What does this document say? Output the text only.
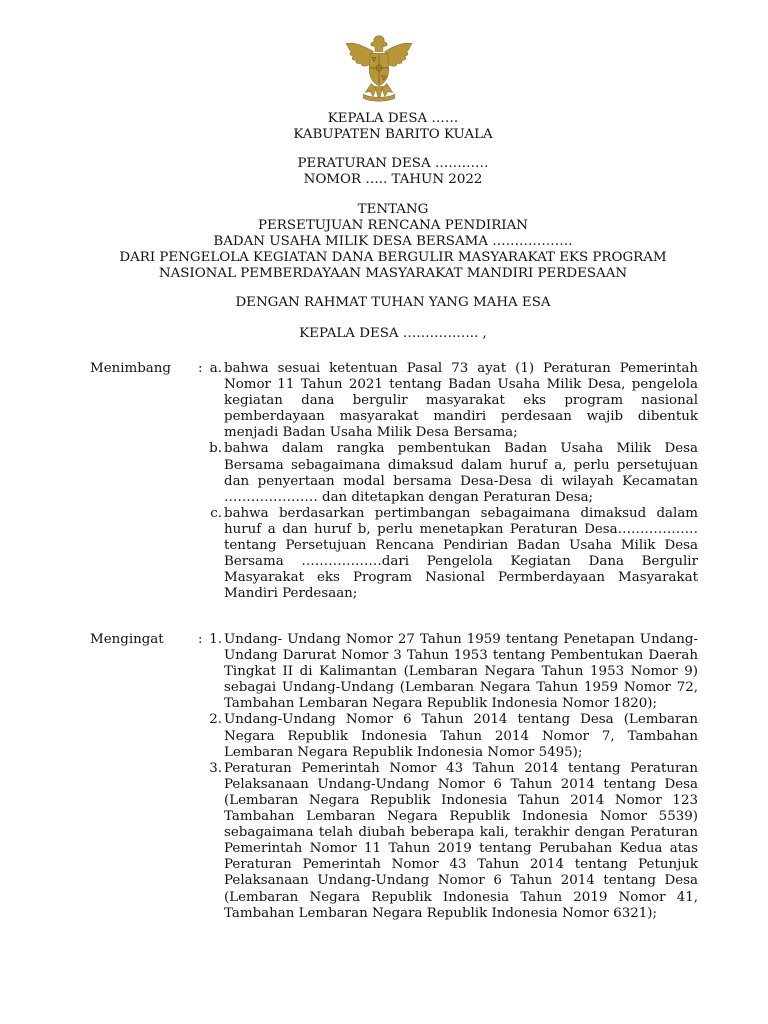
KEPALA DESA ……
KABUPATEN BARITO KUALA
PERATURAN DESA …………
NOMOR ….. TAHUN 2022
TENTANG
PERSETUJUAN RENCANA PENDIRIAN
BADAN USAHA MILIK DESA BERSAMA ………………
DARI PENGELOLA KEGIATAN DANA BERGULIR MASYARAKAT EKS PROGRAM
NASIONAL PEMBERDAYAAN MASYARAKAT MANDIRI PERDESAAN
DENGAN RAHMAT TUHAN YANG MAHA ESA
KEPALA DESA …………….. ,
Menimbang	: a. bahwa sesuai ketentuan Pasal 73 ayat (1) Peraturan Pemerintah Nomor 11 Tahun 2021 tentang Badan Usaha Milik Desa, pengelola kegiatan dana bergulir masyarakat eks program nasional pemberdayaan masyarakat mandiri perdesaan wajib dibentuk menjadi Badan Usaha Milik Desa Bersama;
b. bahwa dalam rangka pembentukan Badan Usaha Milik Desa Bersama sebagaimana dimaksud dalam huruf a, perlu persetujuan dan penyertaan modal bersama Desa-Desa di wilayah Kecamatan ………………… dan ditetapkan dengan Peraturan Desa;
c. bahwa berdasarkan pertimbangan sebagaimana dimaksud dalam huruf a dan huruf b, perlu menetapkan Peraturan Desa……………… tentang Persetujuan Rencana Pendirian Badan Usaha Milik Desa Bersama ………………dari Pengelola Kegiatan Dana Bergulir Masyarakat eks Program Nasional Permberdayaan Masyarakat Mandiri Perdesaan;
Mengingat	: 1. Undang- Undang Nomor 27 Tahun 1959 tentang Penetapan Undang-Undang Darurat Nomor 3 Tahun 1953 tentang Pembentukan Daerah Tingkat II di Kalimantan (Lembaran Negara Tahun 1953 Nomor 9) sebagai Undang-Undang (Lembaran Negara Tahun 1959 Nomor 72, Tambahan Lembaran Negara Republik Indonesia Nomor 1820);
2. Undang-Undang Nomor 6 Tahun 2014 tentang Desa (Lembaran Negara Republik Indonesia Tahun 2014 Nomor 7, Tambahan Lembaran Negara Republik Indonesia Nomor 5495);
3. Peraturan Pemerintah Nomor 43 Tahun 2014 tentang Peraturan Pelaksanaan Undang-Undang Nomor 6 Tahun 2014 tentang Desa (Lembaran Negara Republik Indonesia Tahun 2014 Nomor 123 Tambahan Lembaran Negara Republik Indonesia Nomor 5539) sebagaimana telah diubah beberapa kali, terakhir dengan Peraturan Pemerintah Nomor 11 Tahun 2019 tentang Perubahan Kedua atas Peraturan Pemerintah Nomor 43 Tahun 2014 tentang Petunjuk Pelaksanaan Undang-Undang Nomor 6 Tahun 2014 tentang Desa (Lembaran Negara Republik Indonesia Tahun 2019 Nomor 41, Tambahan Lembaran Negara Republik Indonesia Nomor 6321);
